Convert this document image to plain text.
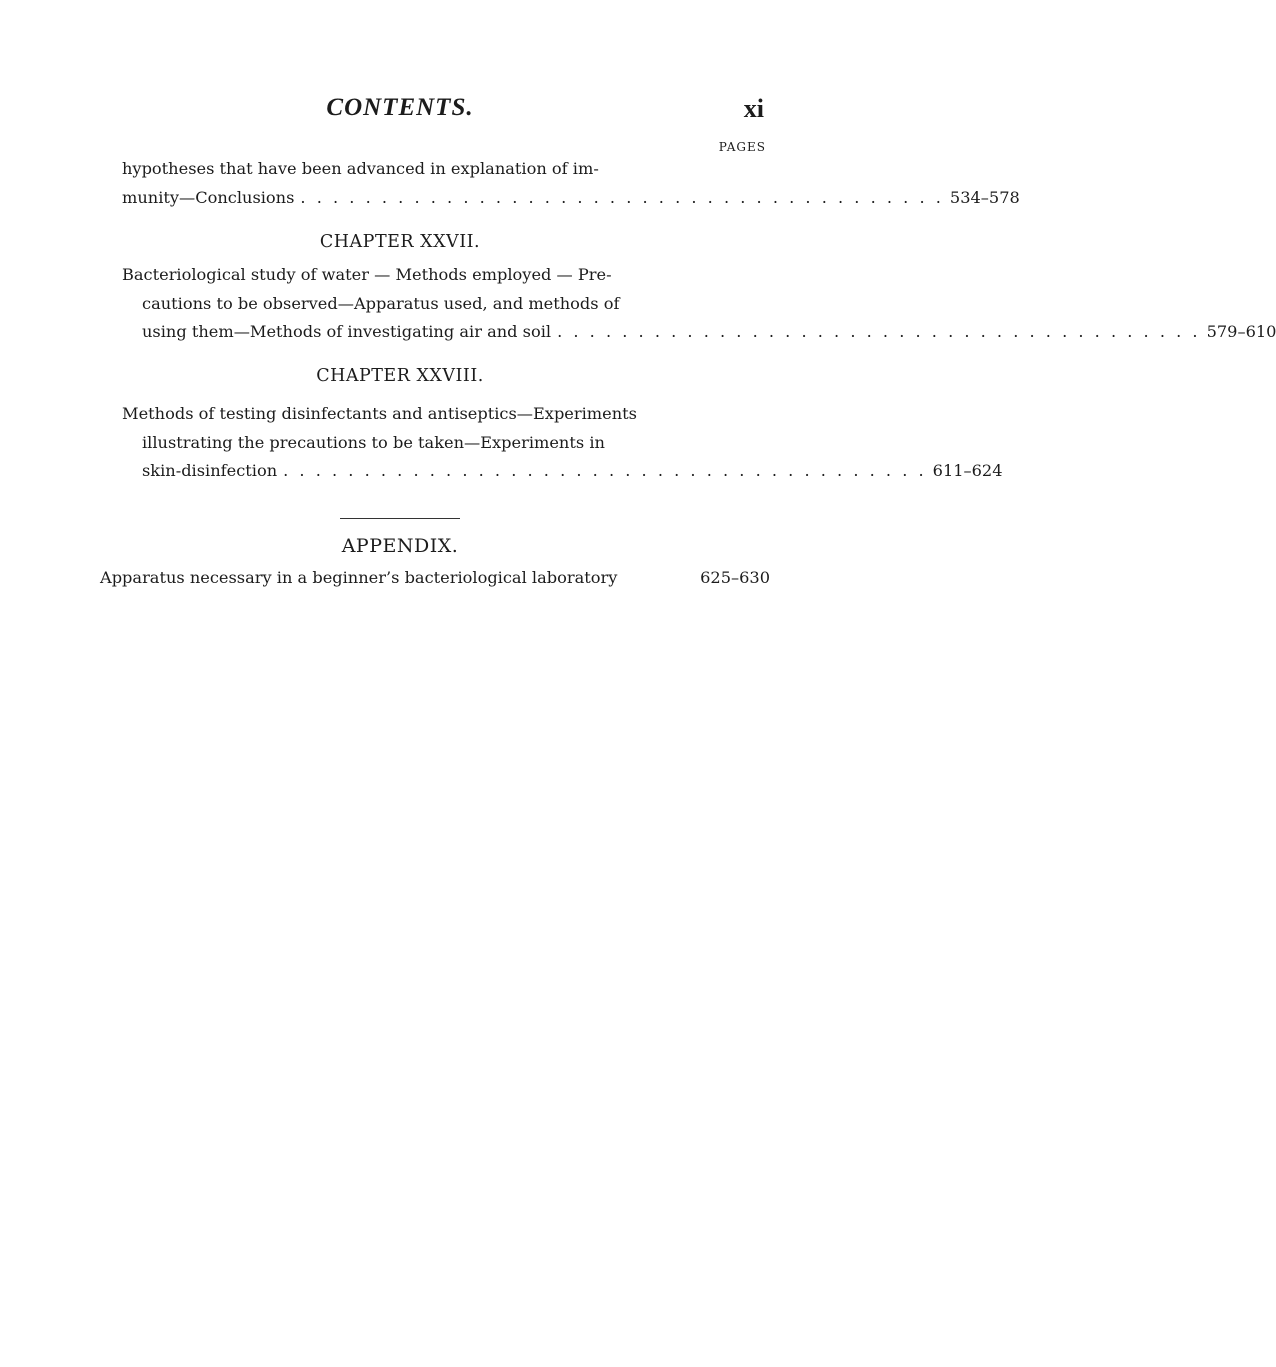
CONTENTS.	xi
PAGES
hypotheses that have been advanced in explanation of im-
munity—Conclusions . . . . . . . . . . . . . . . . . . . . . . . . . . . . . . . . . . . . . . . . 534–578
CHAPTER XXVII.
Bacteriological study of water — Methods employed — Pre-
cautions to be observed—Apparatus used, and methods of
using them—Methods of investigating air and soil . . . . . . . . . . . . . . . . . . . . . . . . . . . . . . . . . . . . . . . . 579–610
CHAPTER XXVIII.
Methods of testing disinfectants and antiseptics—Experiments
illustrating the precautions to be taken—Experiments in
skin-disinfection . . . . . . . . . . . . . . . . . . . . . . . . . . . . . . . . . . . . . . . . 611–624
APPENDIX.
Apparatus necessary in a beginner’s bacteriological laboratory	625–630
